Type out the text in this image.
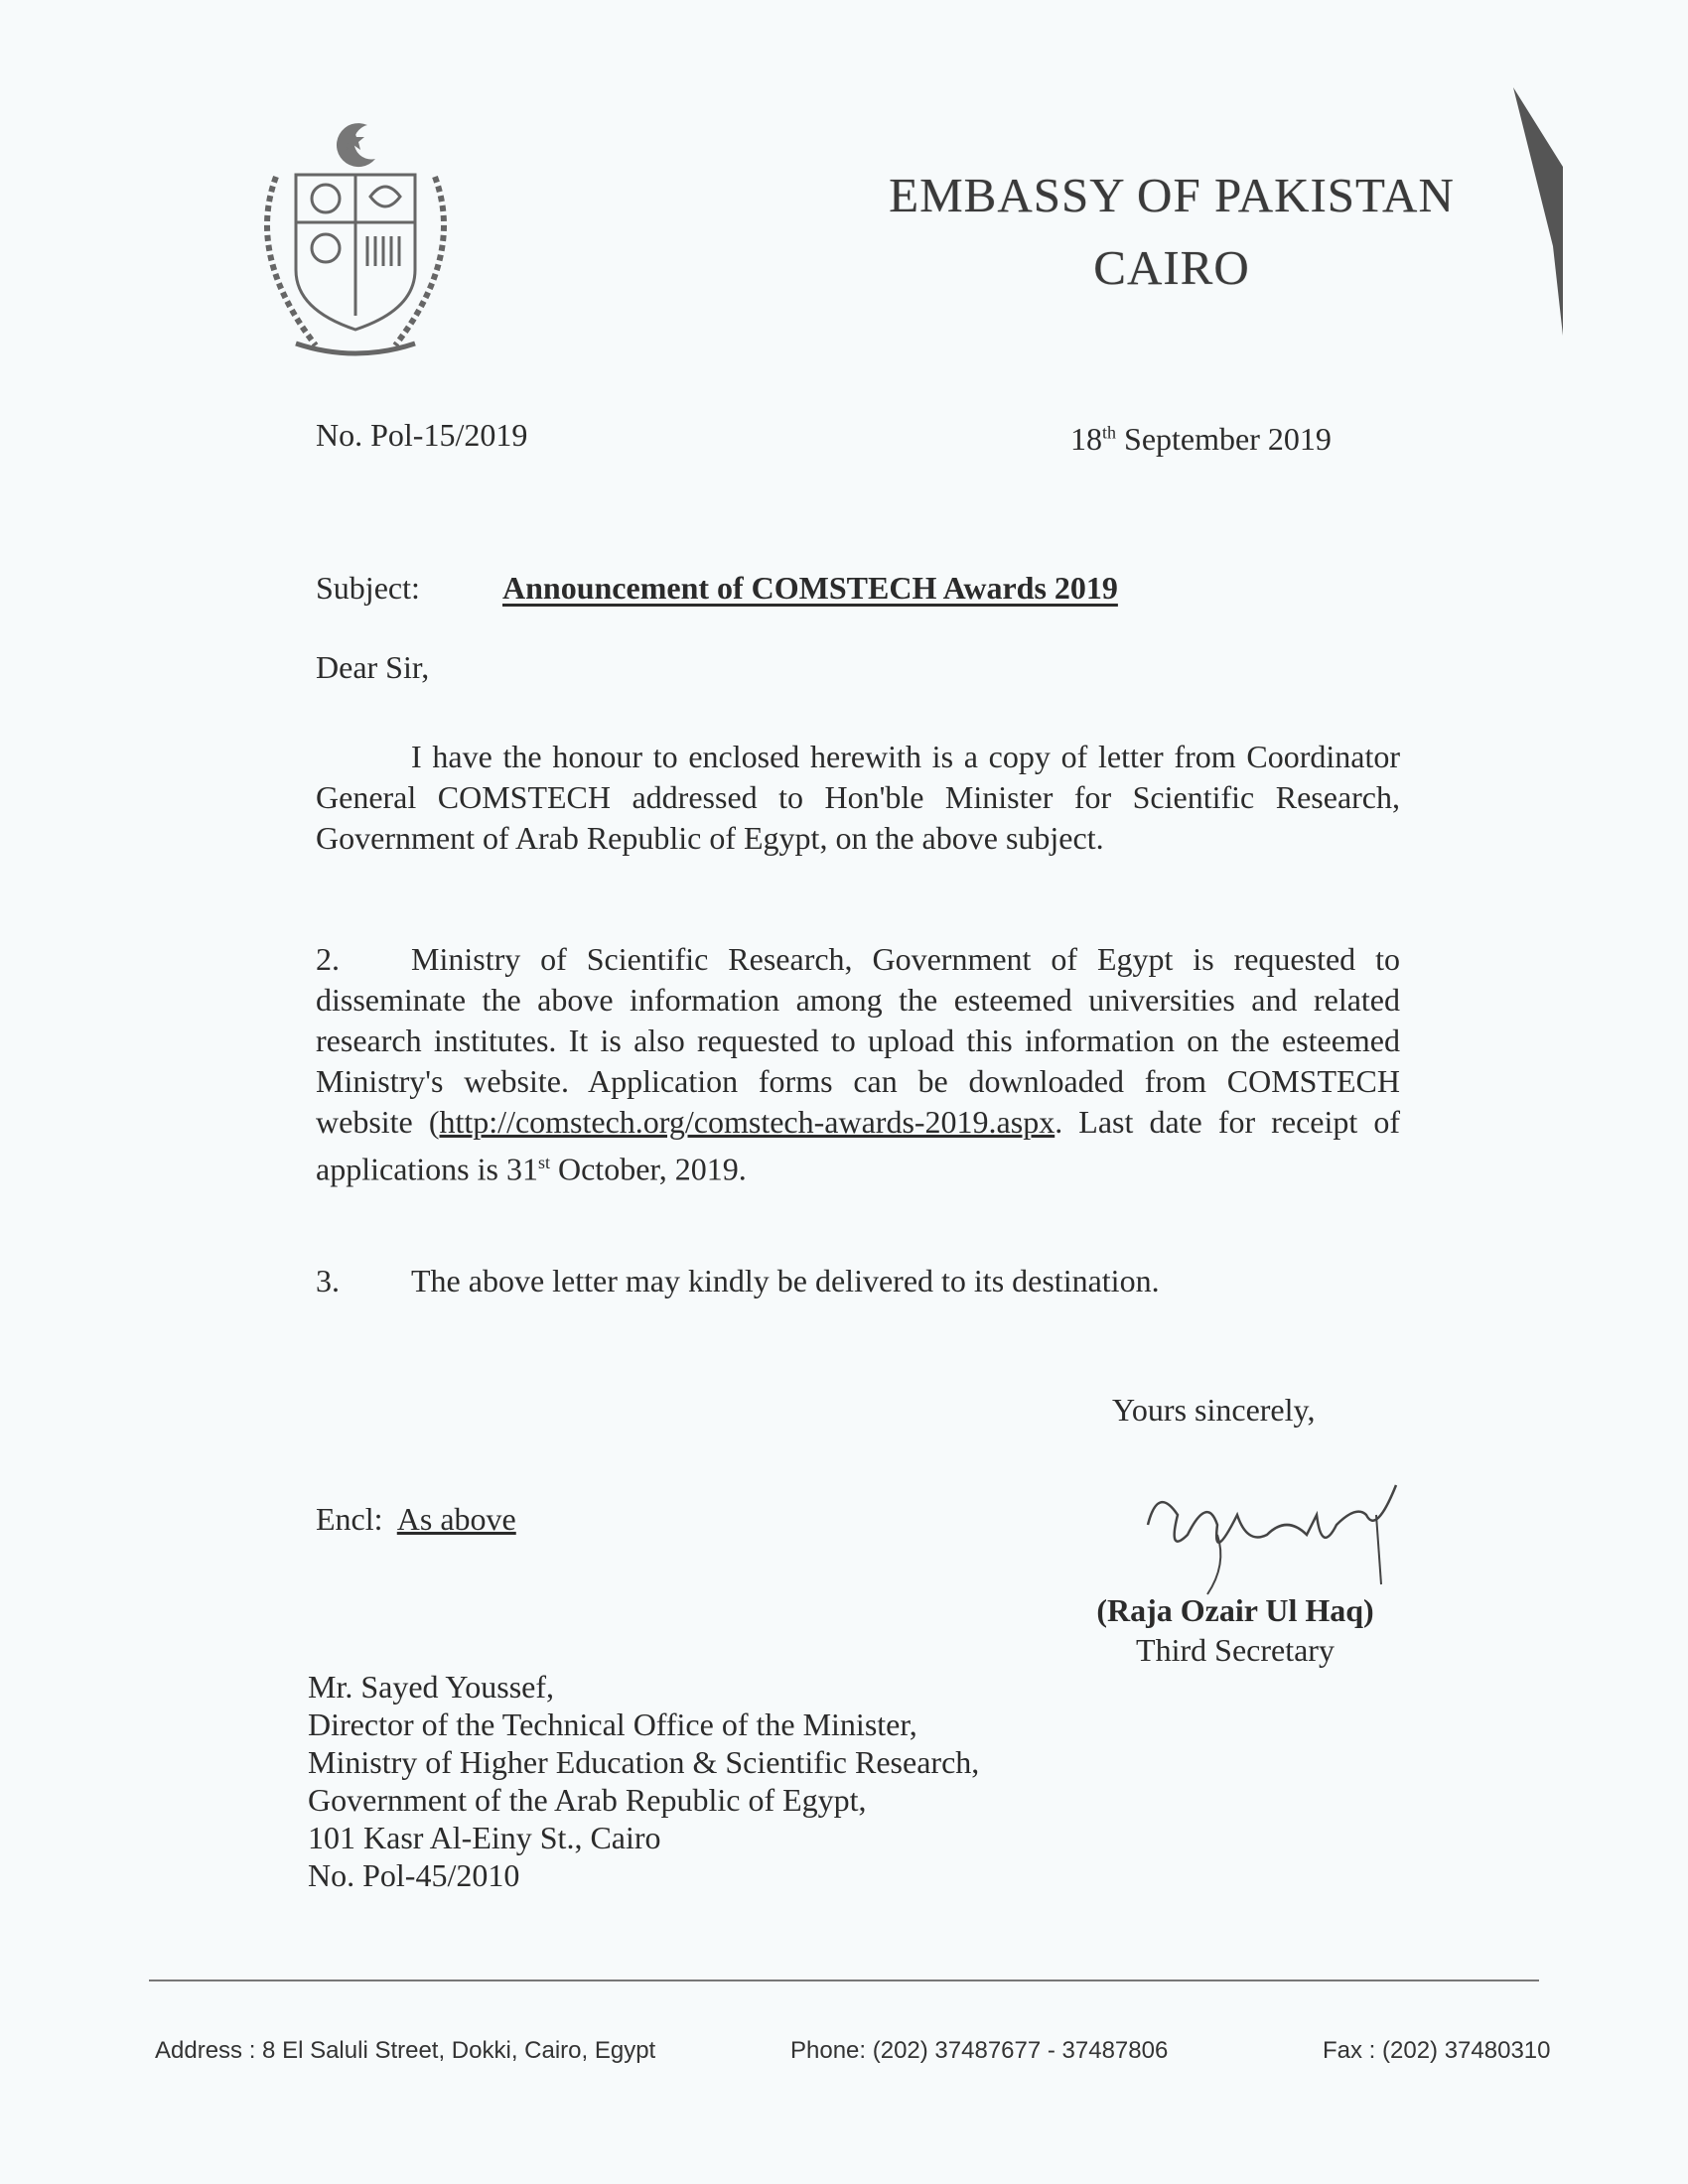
EMBASSY OF PAKISTAN
CAIRO
No. Pol-15/2019	18th September 2019
Subject:	Announcement of COMSTECH Awards 2019
Dear Sir,
I have the honour to enclosed herewith is a copy of letter from Coordinator General COMSTECH addressed to Hon'ble Minister for Scientific Research, Government of Arab Republic of Egypt, on the above subject.
2. Ministry of Scientific Research, Government of Egypt is requested to disseminate the above information among the esteemed universities and related research institutes. It is also requested to upload this information on the esteemed Ministry's website. Application forms can be downloaded from COMSTECH website (http://comstech.org/comstech-awards-2019.aspx. Last date for receipt of applications is 31st October, 2019.
3. The above letter may kindly be delivered to its destination.
Yours sincerely,
Encl: As above
(Raja Ozair Ul Haq)
Third Secretary
Mr. Sayed Youssef,
Director of the Technical Office of the Minister,
Ministry of Higher Education & Scientific Research,
Government of the Arab Republic of Egypt,
101 Kasr Al-Einy St., Cairo
No. Pol-45/2010
Address : 8 El Saluli Street, Dokki, Cairo, Egypt	Phone: (202) 37487677 - 37487806	Fax : (202) 37480310
